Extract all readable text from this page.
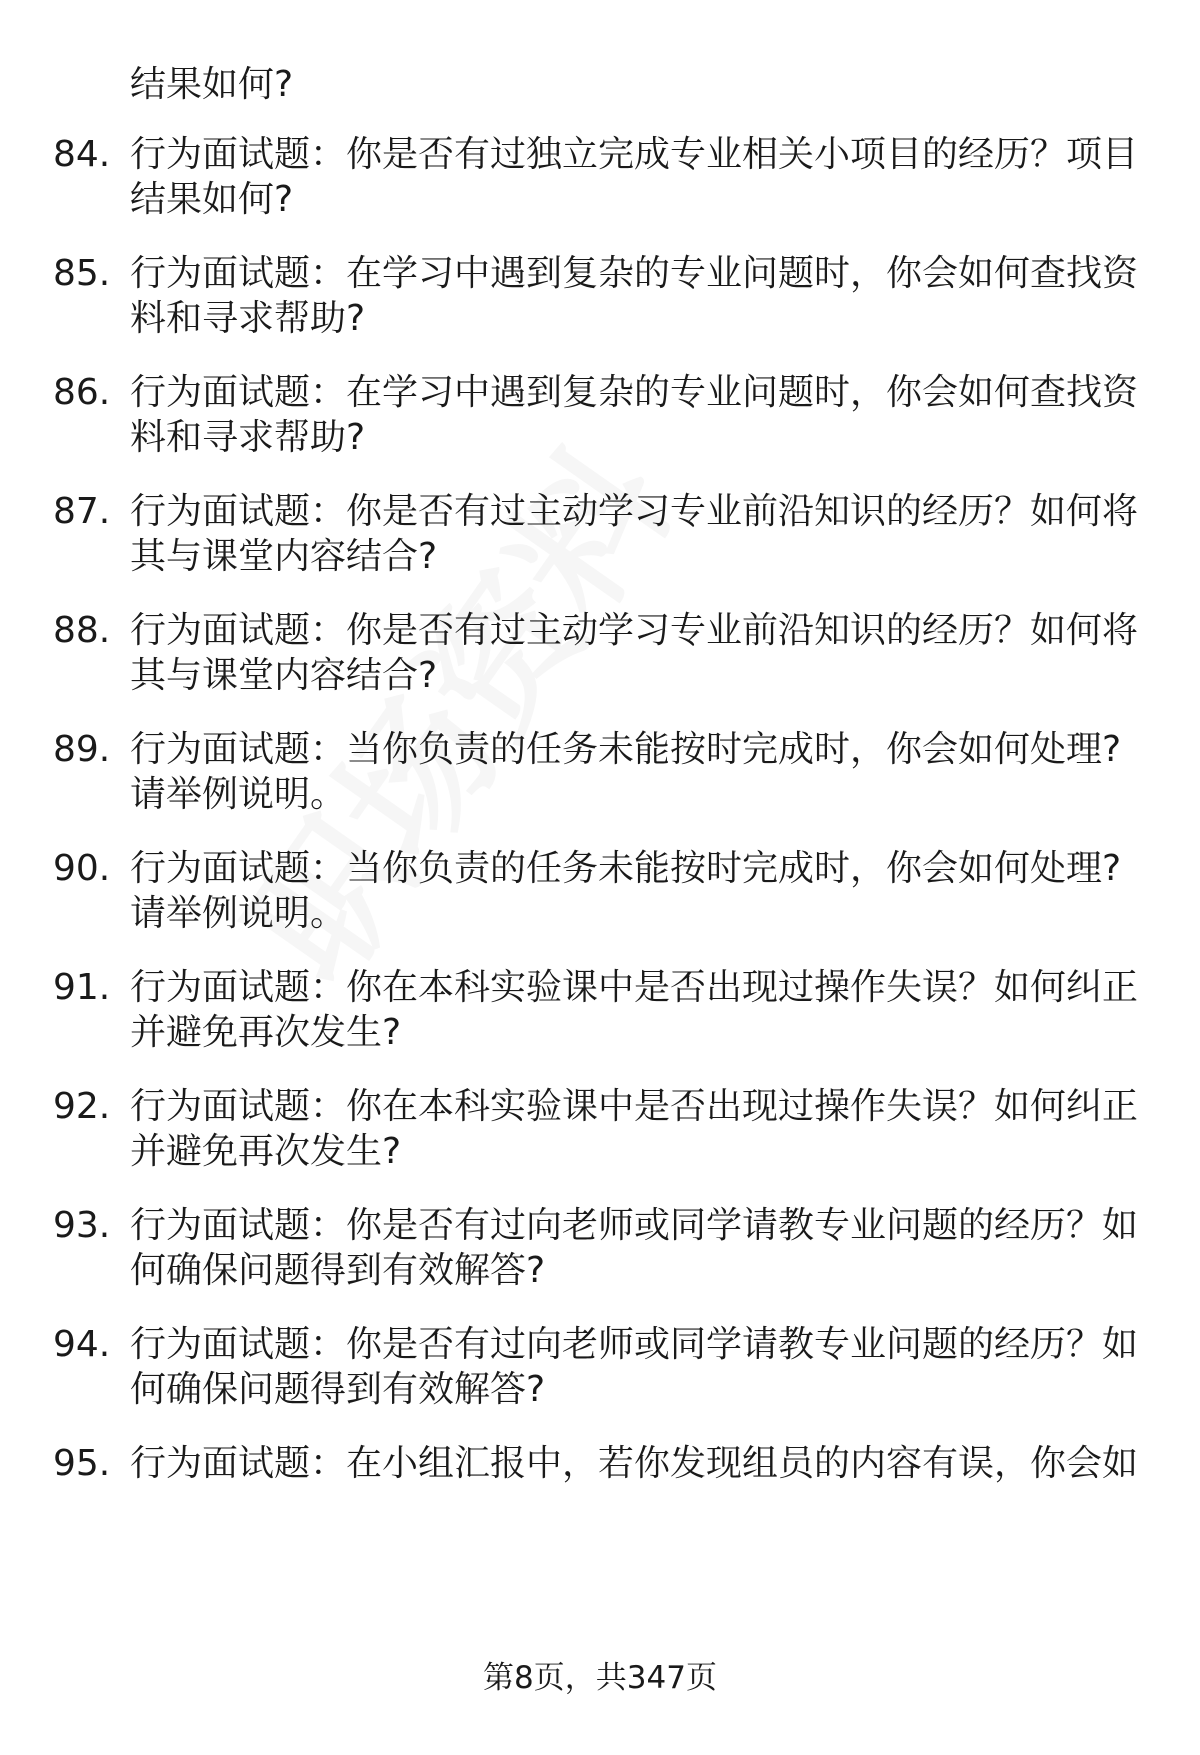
结果如何?
84. 行为面试题：你是否有过独立完成专业相关小项目的经历？项目
结果如何?
85. 行为面试题：在学习中遇到复杂的专业问题时，你会如何查找资
料和寻求帮助?
86. 行为面试题：在学习中遇到复杂的专业问题时，你会如何查找资
料和寻求帮助?
87. 行为面试题：你是否有过主动学习专业前沿知识的经历？如何将
其与课堂内容结合?
88. 行为面试题：你是否有过主动学习专业前沿知识的经历？如何将
其与课堂内容结合?
89. 行为面试题：当你负责的任务未能按时完成时，你会如何处理?
请举例说明。
90. 行为面试题：当你负责的任务未能按时完成时，你会如何处理?
请举例说明。
91. 行为面试题：你在本科实验课中是否出现过操作失误？如何纠正
并避免再次发生?
92. 行为面试题：你在本科实验课中是否出现过操作失误？如何纠正
并避免再次发生?
93. 行为面试题：你是否有过向老师或同学请教专业问题的经历？如
何确保问题得到有效解答?
94. 行为面试题：你是否有过向老师或同学请教专业问题的经历？如
何确保问题得到有效解答?
95. 行为面试题：在小组汇报中，若你发现组员的内容有误，你会如
第8页，共347页
